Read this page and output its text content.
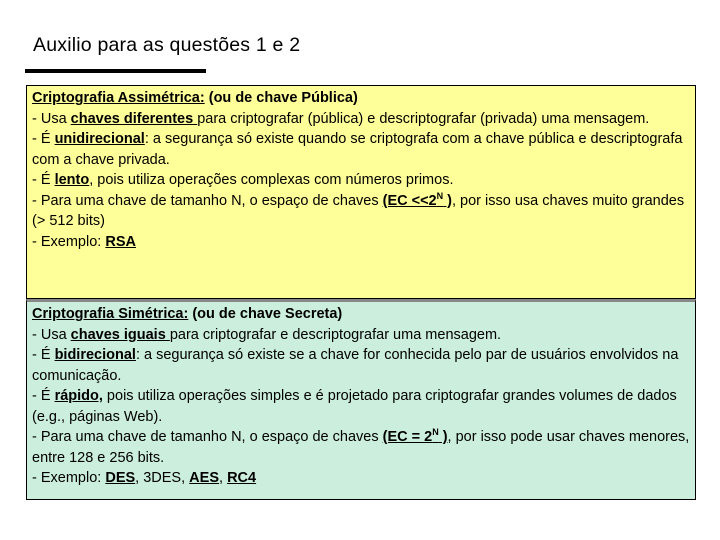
Auxilio para as questões 1 e 2
Criptografia Assimétrica: (ou de chave Pública)
- Usa chaves diferentes para criptografar (pública) e descriptografar (privada) uma mensagem.
- É unidirecional: a segurança só existe quando se criptografa com a chave pública e descriptografa com a chave privada.
- É lento, pois utiliza operações complexas com números primos.
- Para uma chave de tamanho N, o espaço de chaves ($EC <<2^N$ ), por isso usa chaves muito grandes (> 512 bits)
- Exemplo: RSA
Criptografia Simétrica: (ou de chave Secreta)
- Usa chaves iguais para criptografar e descriptografar uma mensagem.
- É bidirecional: a segurança só existe se a chave for conhecida pelo par de usuários envolvidos na comunicação.
- É rápido, pois utiliza operações simples e é projetado para criptografar grandes volumes de dados (e.g., páginas Web).
- Para uma chave de tamanho N, o espaço de chaves ($EC = 2^N$ ), por isso pode usar chaves menores, entre 128 e 256 bits.
- Exemplo: DES, 3DES, AES, RC4
